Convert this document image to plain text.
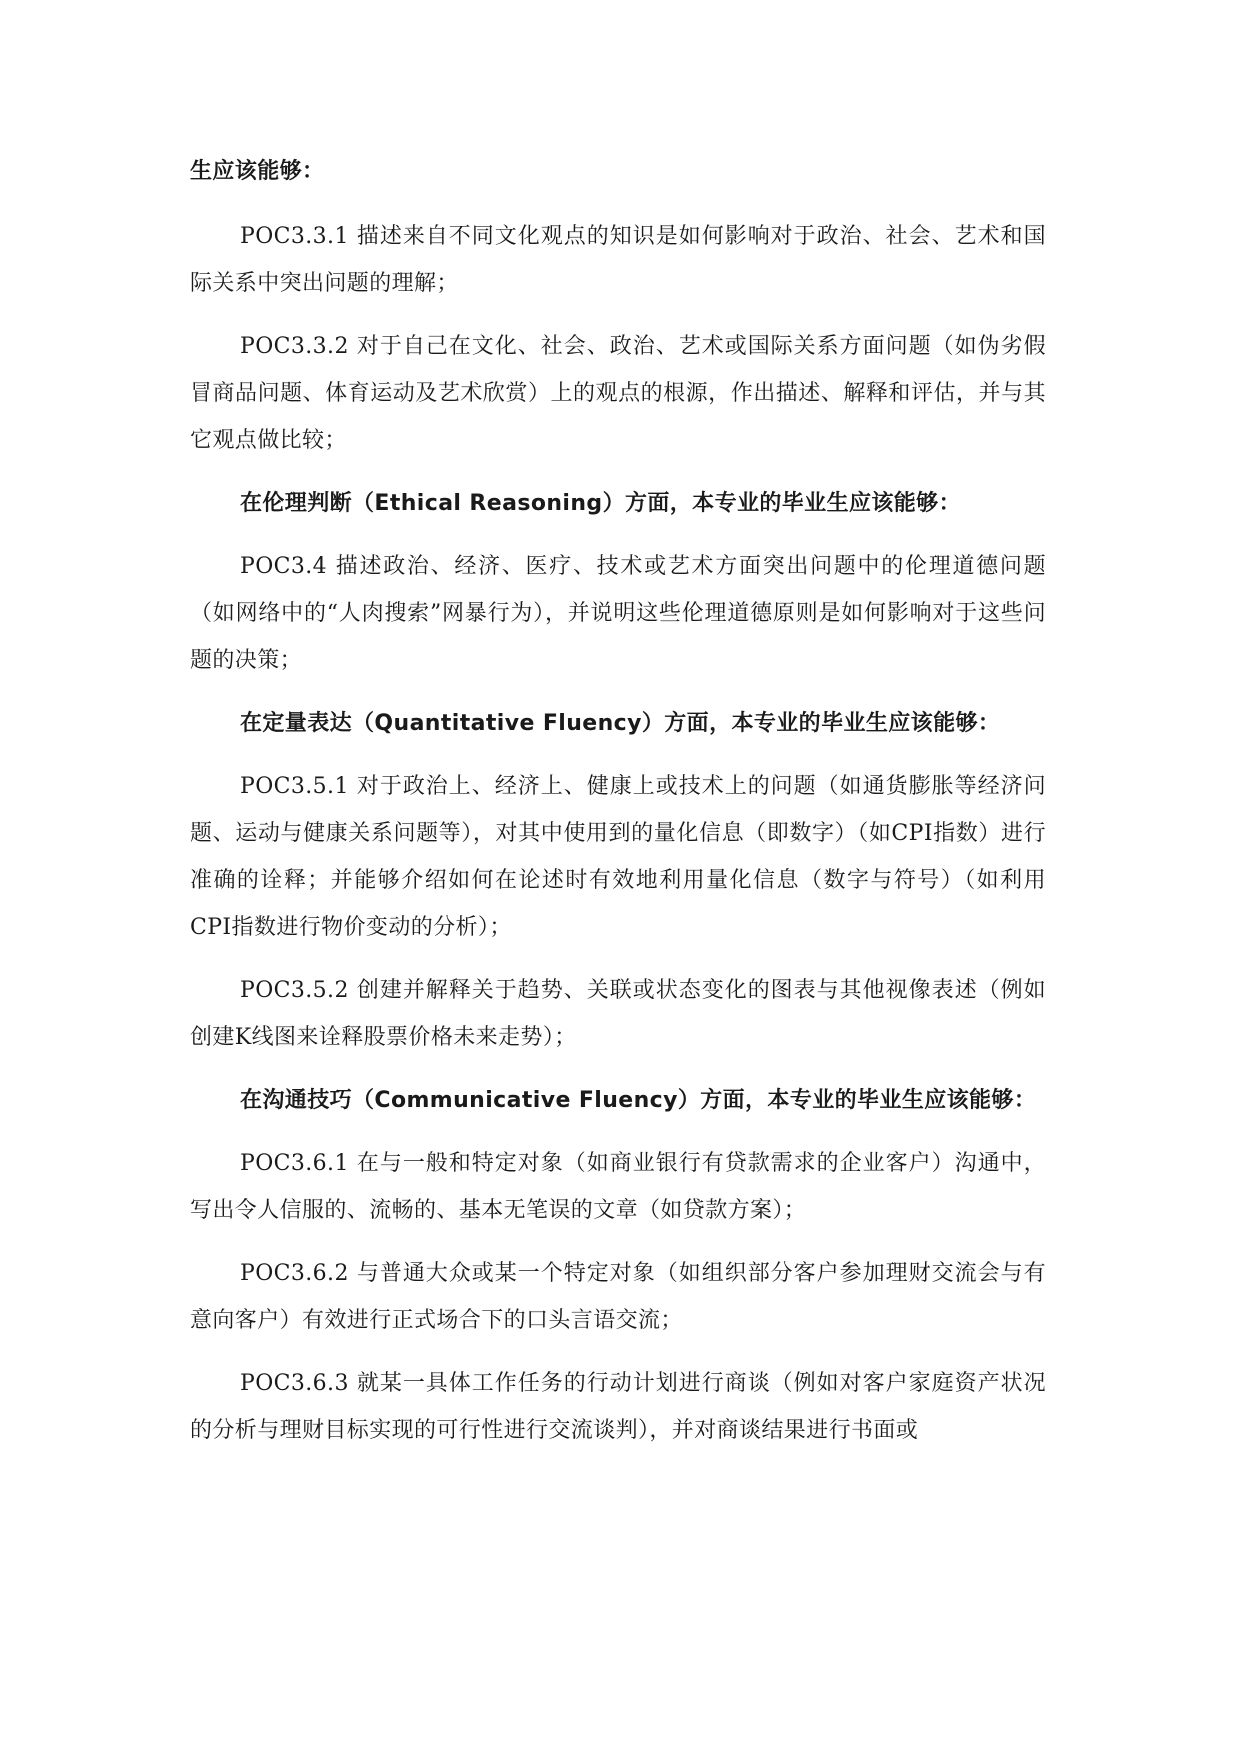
生应该能够：

POC3.3.1 描述来自不同文化观点的知识是如何影响对于政治、社会、艺术和国际关系中突出问题的理解；

POC3.3.2 对于自己在文化、社会、政治、艺术或国际关系方面问题（如伪劣假冒商品问题、体育运动及艺术欣赏）上的观点的根源，作出描述、解释和评估，并与其它观点做比较；

在伦理判断（Ethical Reasoning）方面，本专业的毕业生应该能够：

POC3.4 描述政治、经济、医疗、技术或艺术方面突出问题中的伦理道德问题（如网络中的“人肉搜索”网暴行为），并说明这些伦理道德原则是如何影响对于这些问题的决策；

在定量表达（Quantitative Fluency）方面，本专业的毕业生应该能够：

POC3.5.1 对于政治上、经济上、健康上或技术上的问题（如通货膨胀等经济问题、运动与健康关系问题等），对其中使用到的量化信息（即数字）（如CPI指数）进行准确的诠释；并能够介绍如何在论述时有效地利用量化信息（数字与符号）（如利用CPI指数进行物价变动的分析）；

POC3.5.2 创建并解释关于趋势、关联或状态变化的图表与其他视像表述（例如创建K线图来诠释股票价格未来走势）；

在沟通技巧（Communicative Fluency）方面，本专业的毕业生应该能够：

POC3.6.1 在与一般和特定对象（如商业银行有贷款需求的企业客户）沟通中，写出令人信服的、流畅的、基本无笔误的文章（如贷款方案）；

POC3.6.2 与普通大众或某一个特定对象（如组织部分客户参加理财交流会与有意向客户）有效进行正式场合下的口头言语交流；

POC3.6.3 就某一具体工作任务的行动计划进行商谈（例如对客户家庭资产状况的分析与理财目标实现的可行性进行交流谈判），并对商谈结果进行书面或
